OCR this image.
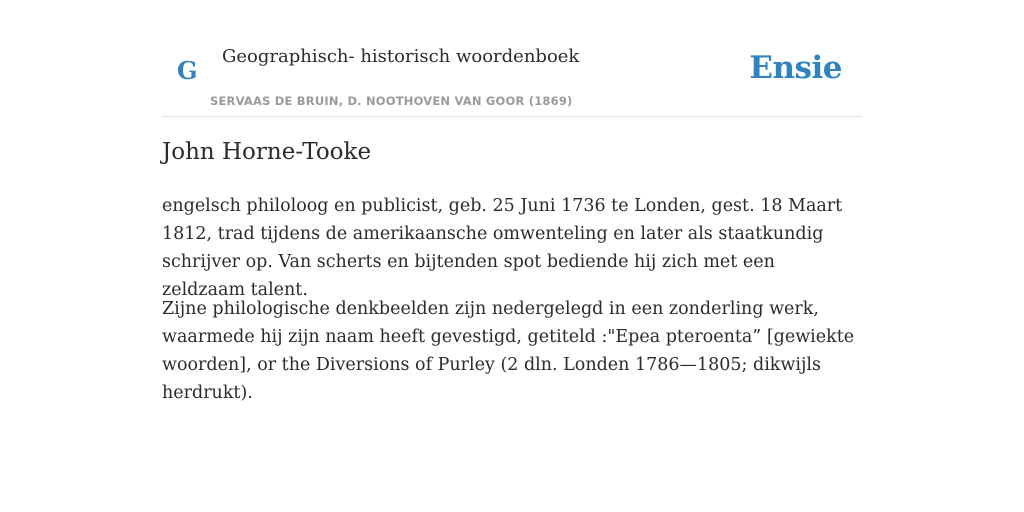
G Geographisch- historisch woordenboek
SERVAAS DE BRUIN, D. NOOTHOVEN VAN GOOR (1869)
Ensie
John Horne-Tooke

engelsch philoloog en publicist, geb. 25 Juni 1736 te Londen, gest. 18 Maart 1812, trad tijdens de amerikaansche omwenteling en later als staatkundig schrijver op. Van scherts en bijtenden spot bediende hij zich met een zeldzaam talent.

Zijne philologische denkbeelden zijn nedergelegd in een zonderling werk, waarmede hij zijn naam heeft gevestigd, getiteld :"Epea pteroenta” [gewiekte woorden], or the Diversions of Purley (2 dln. Londen 1786—1805; dikwijls herdrukt).
